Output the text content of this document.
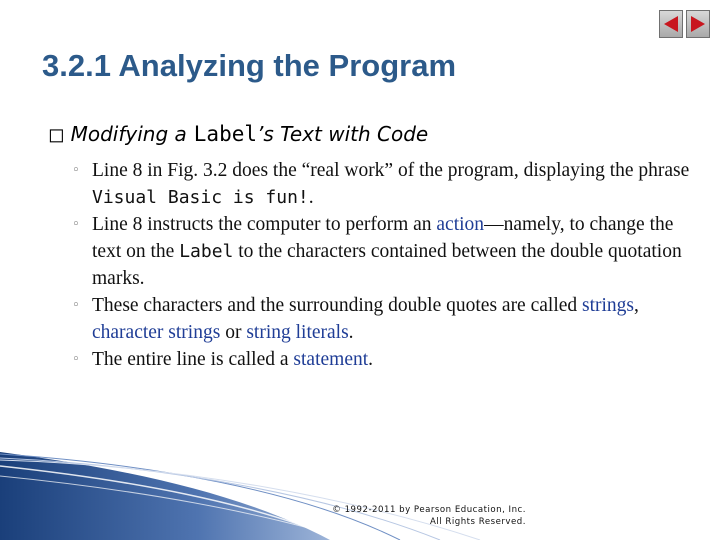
3.2.1 Analyzing the Program
◻ Modifying a Label ’s Text with Code
◦ Line 8 in Fig. 3.2 does the “real work” of the program, displaying the phrase Visual Basic is fun!.
◦ Line 8 instructs the computer to perform an action—namely, to change the text on the Label to the characters contained between the double quotation marks.
◦ These characters and the surrounding double quotes are called strings, character strings or string literals.
◦ The entire line is called a statement.
© 1992-2011 by Pearson Education, Inc.
All Rights Reserved.
